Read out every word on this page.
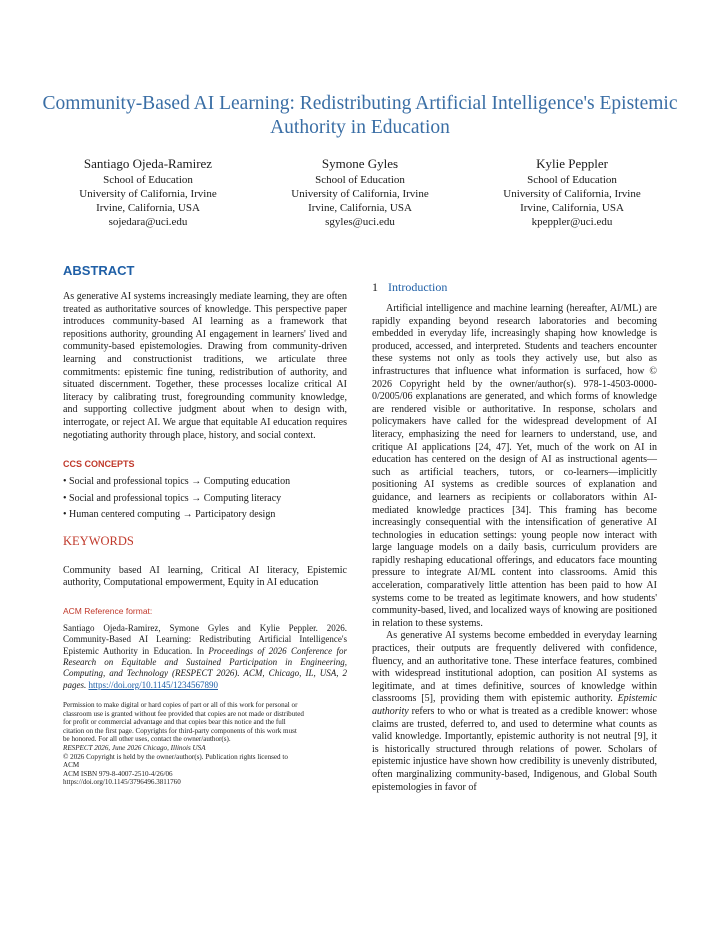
Community-Based AI Learning: Redistributing Artificial Intelligence's Epistemic Authority in Education
Santiago Ojeda-Ramirez
School of Education
University of California, Irvine
Irvine, California, USA
sojedara@uci.edu
Symone Gyles
School of Education
University of California, Irvine
Irvine, California, USA
sgyles@uci.edu
Kylie Peppler
School of Education
University of California, Irvine
Irvine, California, USA
kpeppler@uci.edu
ABSTRACT

As generative AI systems increasingly mediate learning, they are often treated as authoritative sources of knowledge. This perspective paper introduces community-based AI learning as a framework that repositions authority, grounding AI engagement in learners' lived and community-based epistemologies. Drawing from community-driven learning and constructionist traditions, we articulate three commitments: epistemic fine tuning, redistribution of authority, and situated discernment. Together, these processes localize critical AI literacy by calibrating trust, foregrounding community knowledge, and supporting collective judgment about when to design with, interrogate, or reject AI. We argue that equitable AI education requires negotiating authority through place, history, and social context.

CCS CONCEPTS

• Social and professional topics → Computing education

• Social and professional topics → Computing literacy

• Human centered computing → Participatory design

KEYWORDS

Community based AI learning, Critical AI literacy, Epistemic authority, Computational empowerment, Equity in AI education

ACM Reference format:

Santiago Ojeda-Ramirez, Symone Gyles and Kylie Peppler. 2026. Community-Based AI Learning: Redistributing Artificial Intelligence's Epistemic Authority in Education. In Proceedings of 2026 Conference for Research on Equitable and Sustained Participation in Engineering, Computing, and Technology (RESPECT 2026). ACM, Chicago, IL, USA, 2 pages. https://doi.org/10.1145/1234567890

Permission to make digital or hard copies of part or all of this work for personal or
classroom use is granted without fee provided that copies are not made or distributed
for profit or commercial advantage and that copies bear this notice and the full
citation on the first page. Copyrights for third-party components of this work must
be honored. For all other uses, contact the owner/author(s).
RESPECT 2026, June 2026 Chicago, Illinois USA
© 2026 Copyright is held by the owner/author(s). Publication rights licensed to
ACM
ACM ISBN 979-8-4007-2510-4/26/06
https://doi.org/10.1145/3796496.3811760
1 Introduction

Artificial intelligence and machine learning (hereafter, AI/ML) are rapidly expanding beyond research laboratories and becoming embedded in everyday life, increasingly shaping how knowledge is produced, accessed, and interpreted. Students and teachers encounter these systems not only as tools they actively use, but also as infrastructures that influence what information is surfaced, how © 2026 Copyright held by the owner/author(s). 978-1-4503-0000-0/2005/06 explanations are generated, and which forms of knowledge are rendered visible or authoritative. In response, scholars and policymakers have called for the widespread development of AI literacy, emphasizing the need for learners to understand, use, and critique AI applications [24, 47]. Yet, much of the work on AI in education has centered on the design of AI as instructional agents—such as artificial teachers, tutors, or co-learners—implicitly positioning AI systems as credible sources of explanation and guidance, and learners as recipients or collaborators within AI-mediated knowledge practices [34]. This framing has become increasingly consequential with the intensification of generative AI technologies in education settings: young people now interact with large language models on a daily basis, curriculum providers are rapidly reshaping educational offerings, and educators face mounting pressure to integrate AI/ML content into classrooms. Amid this acceleration, comparatively little attention has been paid to how AI systems come to be treated as legitimate knowers, and how students' community-based, lived, and localized ways of knowing are positioned in relation to these systems.

As generative AI systems become embedded in everyday learning practices, their outputs are frequently delivered with confidence, fluency, and an authoritative tone. These interface features, combined with widespread institutional adoption, can position AI systems as legitimate, and at times definitive, sources of knowledge within classrooms [5], providing them with epistemic authority. Epistemic authority refers to who or what is treated as a credible knower: whose claims are trusted, deferred to, and used to determine what counts as valid knowledge. Importantly, epistemic authority is not neutral [9], it is historically structured through relations of power. Scholars of epistemic injustice have shown how credibility is unevenly distributed, often marginalizing community-based, Indigenous, and Global South epistemologies in favor of
